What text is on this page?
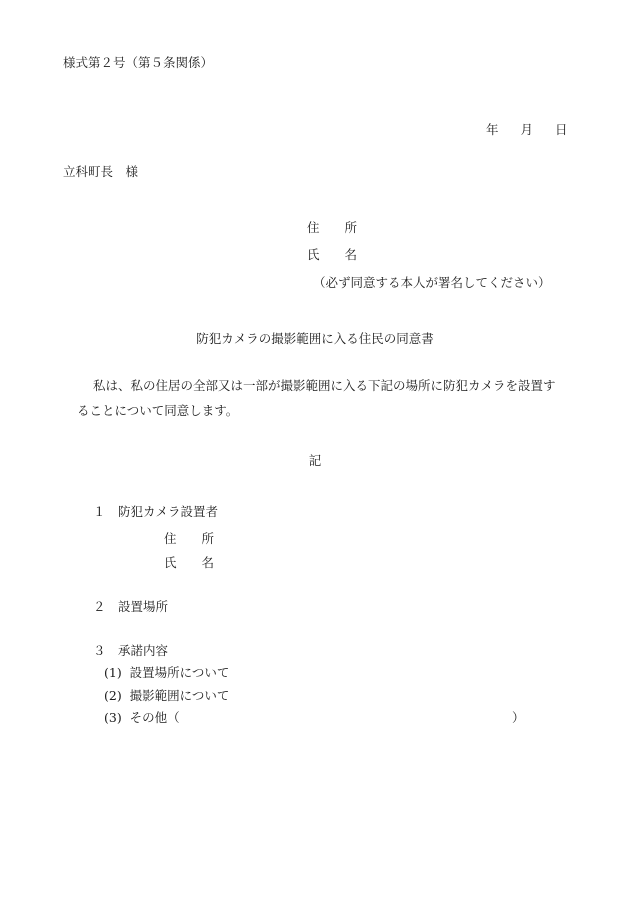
様式第２号（第５条関係）

年 月 日

立科町長　様
住　　所
氏　　名
（必ず同意する本人が署名してください）
防犯カメラの撮影範囲に入る住民の同意書
私は、私の住居の全部又は一部が撮影範囲に入る下記の場所に防犯カメラを設置す
ることについて同意します。
記
１　防犯カメラ設置者
住　　所
氏　　名
２　設置場所
３　承諾内容
(1)  設置場所について
(2)  撮影範囲について
(3)  その他（	）
